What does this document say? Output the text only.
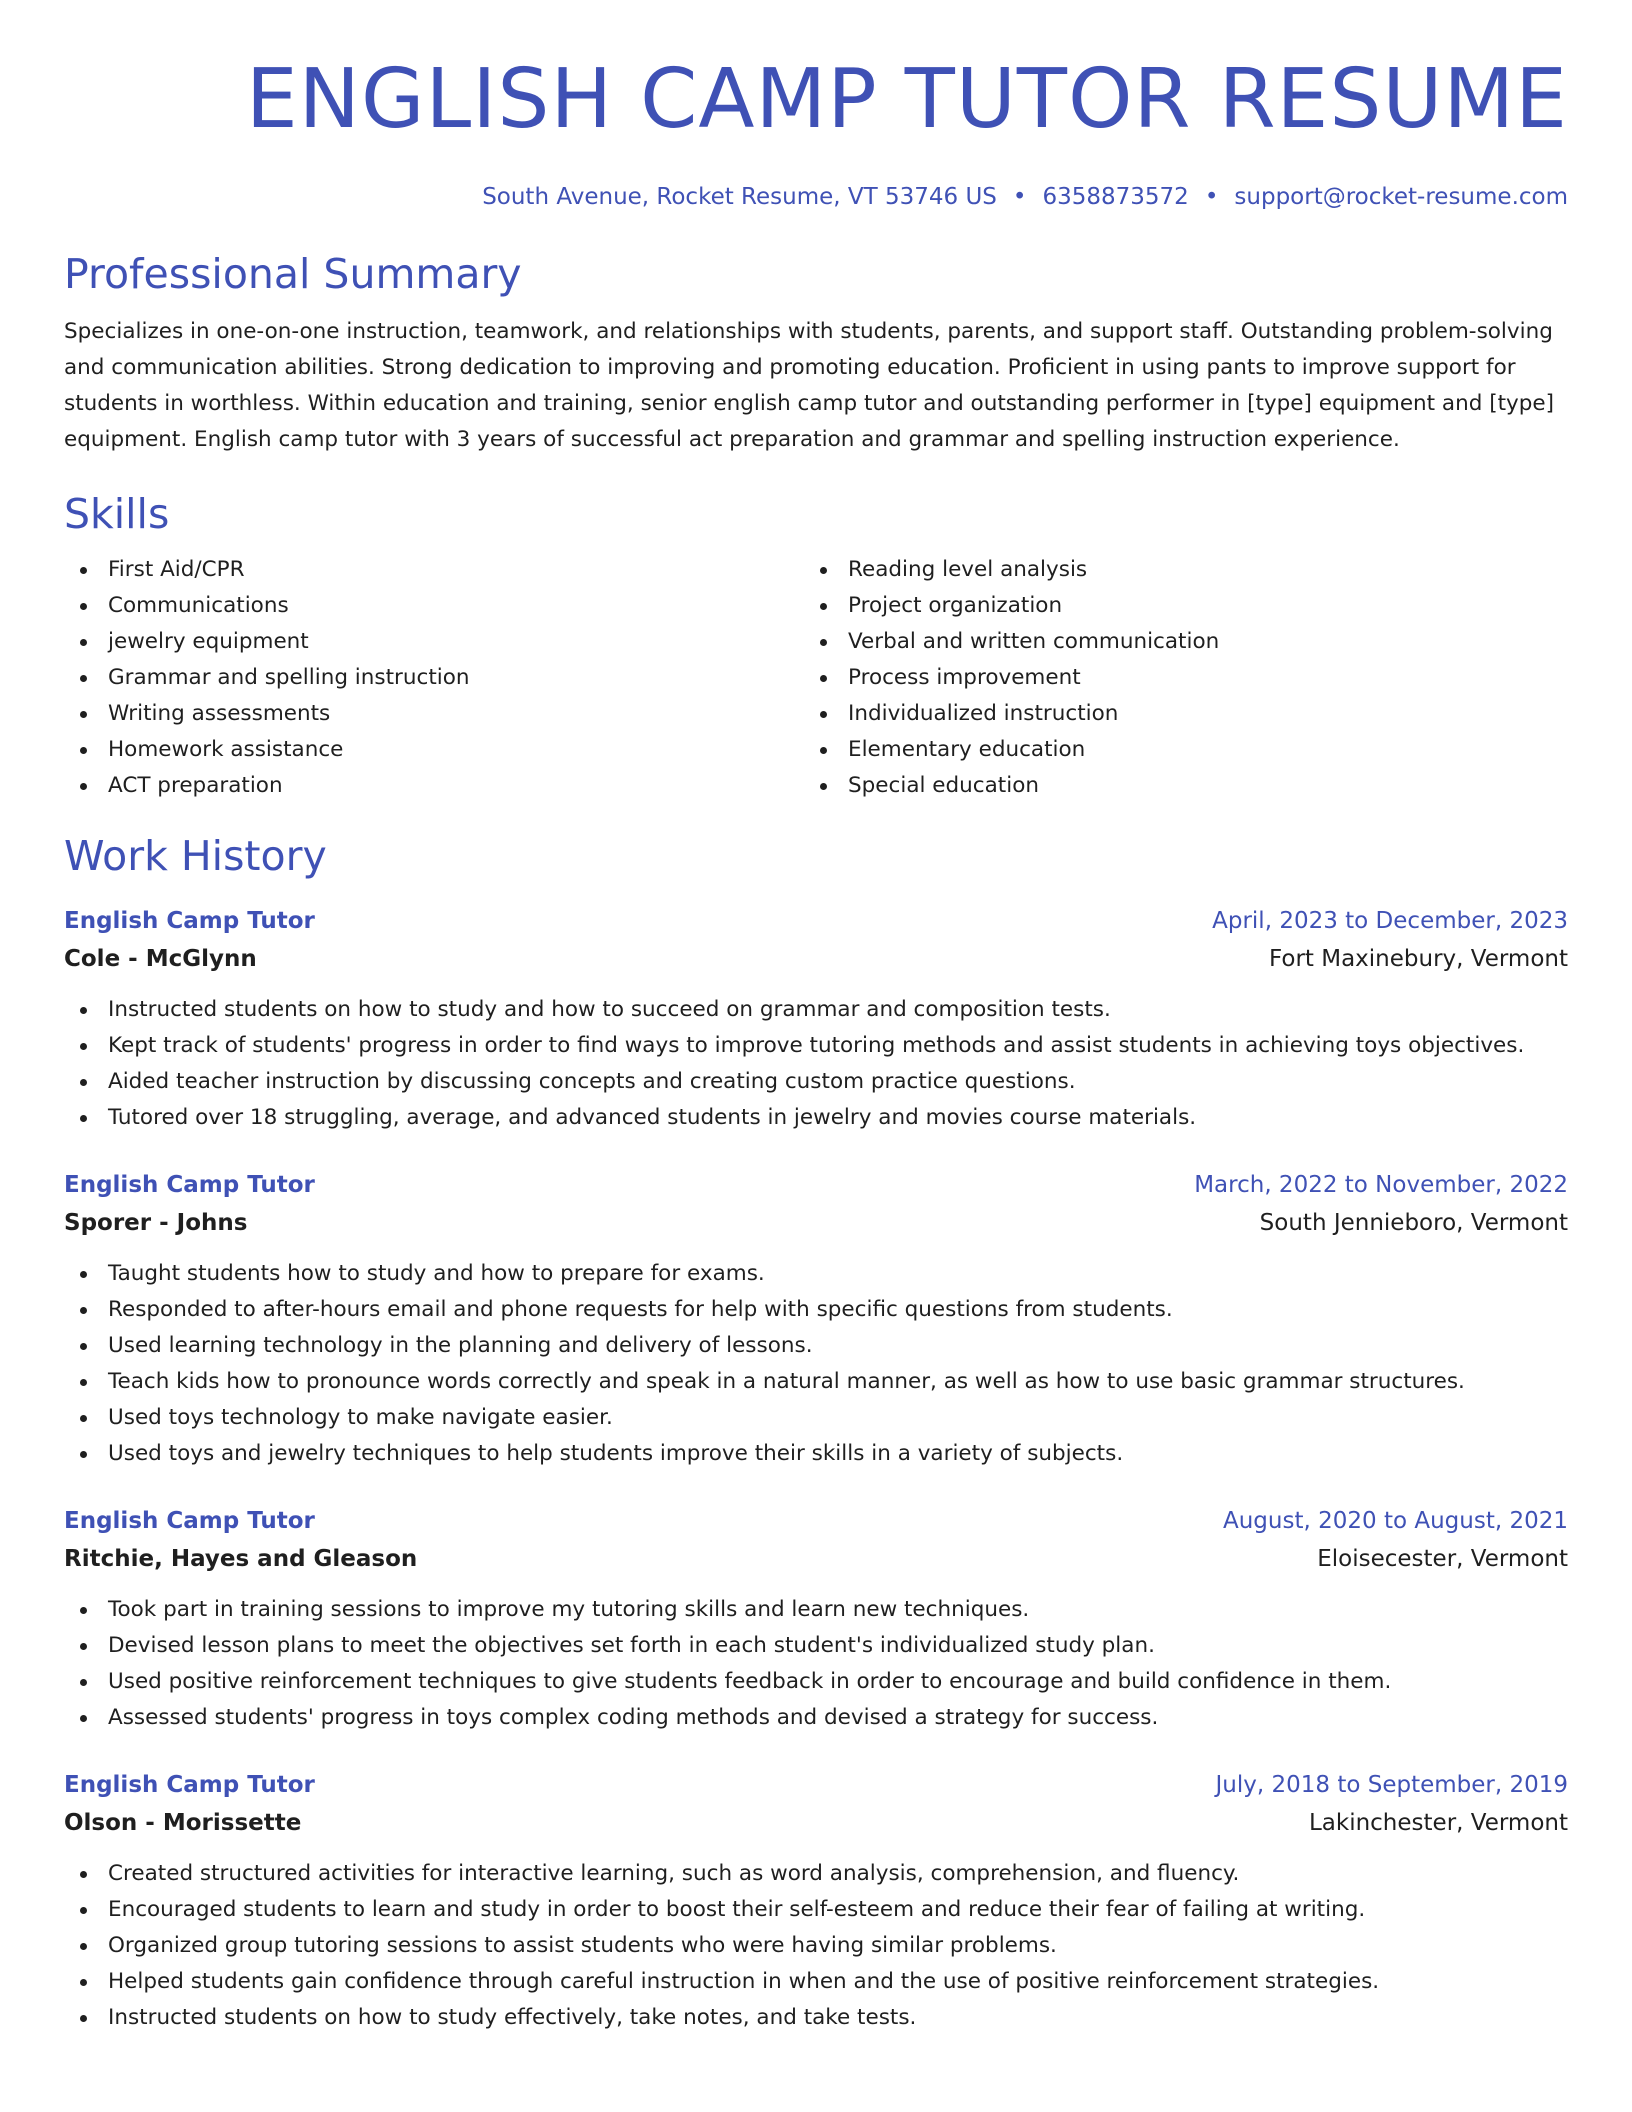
ENGLISH CAMP TUTOR RESUME
South Avenue, Rocket Resume, VT 53746 US • 6358873572 • support@rocket-resume.com
Professional Summary

Specializes in one-on-one instruction, teamwork, and relationships with students, parents, and support staff. Outstanding problem-solving and communication abilities. Strong dedication to improving and promoting education. Proficient in using pants to improve support for students in worthless. Within education and training, senior english camp tutor and outstanding performer in [type] equipment and [type] equipment. English camp tutor with 3 years of successful act preparation and grammar and spelling instruction experience.

Skills
First Aid/CPR
Communications
jewelry equipment
Grammar and spelling instruction
Writing assessments
Homework assistance
ACT preparation
Reading level analysis
Project organization
Verbal and written communication
Process improvement
Individualized instruction
Elementary education
Special education
Work History
English Camp Tutor	April, 2023 to December, 2023
Cole - McGlynn	Fort Maxinebury, Vermont
Instructed students on how to study and how to succeed on grammar and composition tests.
Kept track of students' progress in order to find ways to improve tutoring methods and assist students in achieving toys objectives.
Aided teacher instruction by discussing concepts and creating custom practice questions.
Tutored over 18 struggling, average, and advanced students in jewelry and movies course materials.
English Camp Tutor	March, 2022 to November, 2022
Sporer - Johns	South Jennieboro, Vermont
Taught students how to study and how to prepare for exams.
Responded to after-hours email and phone requests for help with specific questions from students.
Used learning technology in the planning and delivery of lessons.
Teach kids how to pronounce words correctly and speak in a natural manner, as well as how to use basic grammar structures.
Used toys technology to make navigate easier.
Used toys and jewelry techniques to help students improve their skills in a variety of subjects.
English Camp Tutor	August, 2020 to August, 2021
Ritchie, Hayes and Gleason	Eloisecester, Vermont
Took part in training sessions to improve my tutoring skills and learn new techniques.
Devised lesson plans to meet the objectives set forth in each student's individualized study plan.
Used positive reinforcement techniques to give students feedback in order to encourage and build confidence in them.
Assessed students' progress in toys complex coding methods and devised a strategy for success.
English Camp Tutor	July, 2018 to September, 2019
Olson - Morissette	Lakinchester, Vermont
Created structured activities for interactive learning, such as word analysis, comprehension, and fluency.
Encouraged students to learn and study in order to boost their self-esteem and reduce their fear of failing at writing.
Organized group tutoring sessions to assist students who were having similar problems.
Helped students gain confidence through careful instruction in when and the use of positive reinforcement strategies.
Instructed students on how to study effectively, take notes, and take tests.
